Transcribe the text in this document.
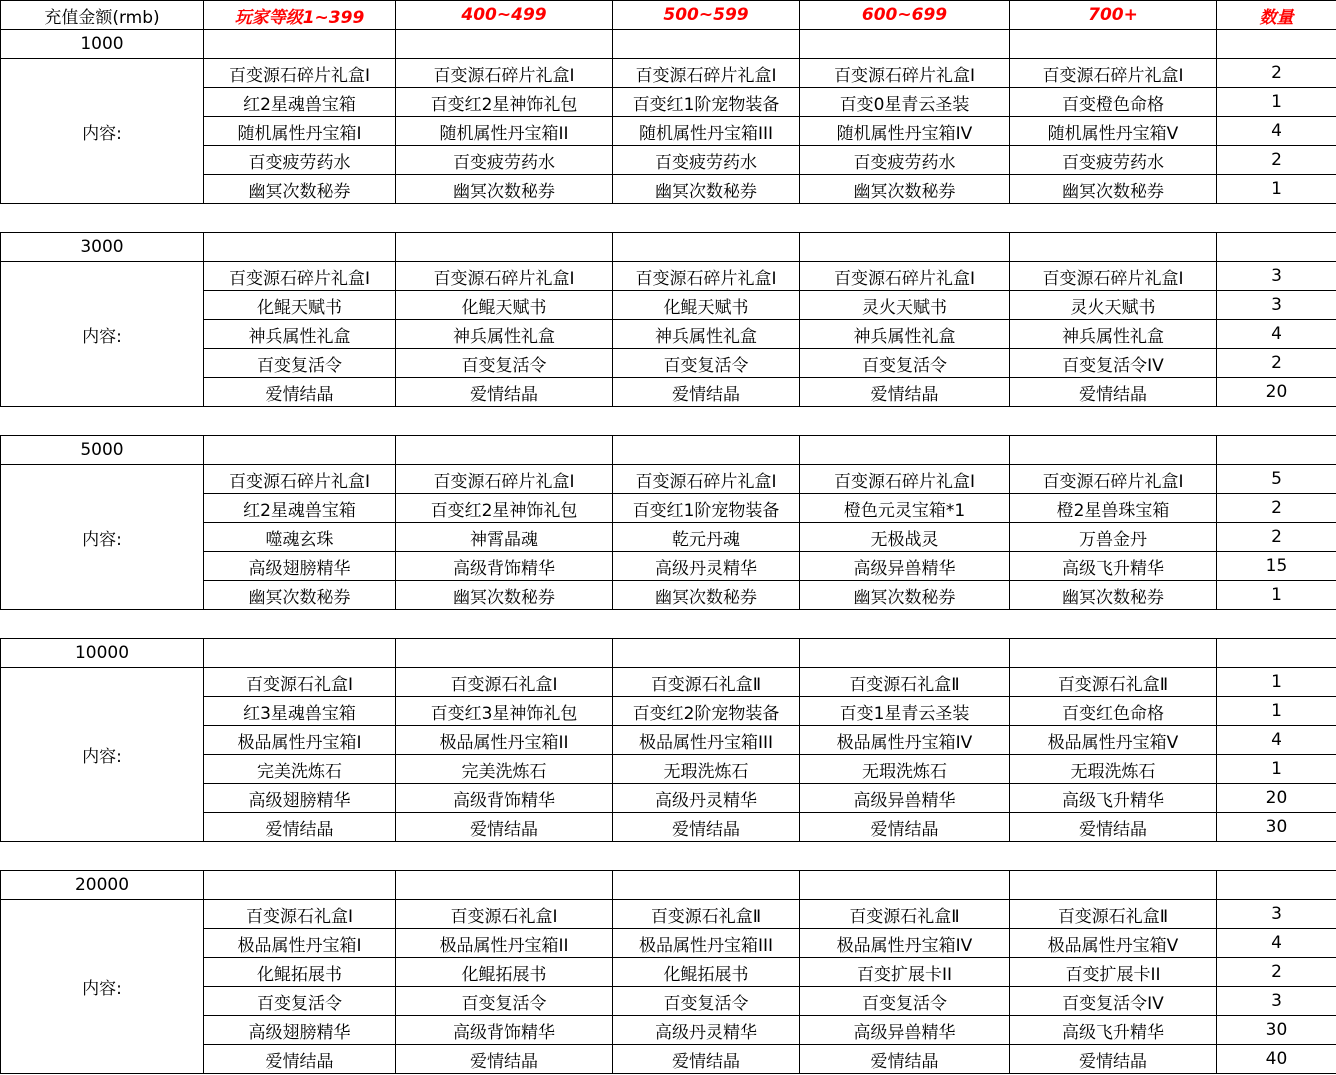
充值金额(rmb)	玩家等级1~399	400~499	500~599	600~699	700+	数量
1000						
内容:	百变源石碎片礼盒Ⅰ	百变源石碎片礼盒Ⅰ	百变源石碎片礼盒Ⅰ	百变源石碎片礼盒Ⅰ	百变源石碎片礼盒Ⅰ	2
	红2星魂兽宝箱	百变红2星神饰礼包	百变红1阶宠物装备	百变0星青云圣装	百变橙色命格	1
	随机属性丹宝箱I	随机属性丹宝箱II	随机属性丹宝箱III	随机属性丹宝箱IV	随机属性丹宝箱V	4
	百变疲劳药水	百变疲劳药水	百变疲劳药水	百变疲劳药水	百变疲劳药水	2
	幽冥次数秘券	幽冥次数秘券	幽冥次数秘券	幽冥次数秘券	幽冥次数秘券	1

3000						
内容:	百变源石碎片礼盒Ⅰ	百变源石碎片礼盒Ⅰ	百变源石碎片礼盒Ⅰ	百变源石碎片礼盒Ⅰ	百变源石碎片礼盒Ⅰ	3
	化鲲天赋书	化鲲天赋书	化鲲天赋书	灵火天赋书	灵火天赋书	3
	神兵属性礼盒	神兵属性礼盒	神兵属性礼盒	神兵属性礼盒	神兵属性礼盒	4
	百变复活令	百变复活令	百变复活令	百变复活令	百变复活令IV	2
	爱情结晶	爱情结晶	爱情结晶	爱情结晶	爱情结晶	20

5000						
内容:	百变源石碎片礼盒Ⅰ	百变源石碎片礼盒Ⅰ	百变源石碎片礼盒Ⅰ	百变源石碎片礼盒Ⅰ	百变源石碎片礼盒Ⅰ	5
	红2星魂兽宝箱	百变红2星神饰礼包	百变红1阶宠物装备	橙色元灵宝箱*1	橙2星兽珠宝箱	2
	噬魂玄珠	神霄晶魂	乾元丹魂	无极战灵	万兽金丹	2
	高级翅膀精华	高级背饰精华	高级丹灵精华	高级异兽精华	高级飞升精华	15
	幽冥次数秘券	幽冥次数秘券	幽冥次数秘券	幽冥次数秘券	幽冥次数秘券	1

10000						
内容:	百变源石礼盒Ⅰ	百变源石礼盒Ⅰ	百变源石礼盒Ⅱ	百变源石礼盒Ⅱ	百变源石礼盒Ⅱ	1
	红3星魂兽宝箱	百变红3星神饰礼包	百变红2阶宠物装备	百变1星青云圣装	百变红色命格	1
	极品属性丹宝箱I	极品属性丹宝箱II	极品属性丹宝箱III	极品属性丹宝箱IV	极品属性丹宝箱V	4
	完美洗炼石	完美洗炼石	无瑕洗炼石	无瑕洗炼石	无瑕洗炼石	1
	高级翅膀精华	高级背饰精华	高级丹灵精华	高级异兽精华	高级飞升精华	20
	爱情结晶	爱情结晶	爱情结晶	爱情结晶	爱情结晶	30

20000						
内容:	百变源石礼盒Ⅰ	百变源石礼盒Ⅰ	百变源石礼盒Ⅱ	百变源石礼盒Ⅱ	百变源石礼盒Ⅱ	3
	极品属性丹宝箱I	极品属性丹宝箱II	极品属性丹宝箱III	极品属性丹宝箱IV	极品属性丹宝箱V	4
	化鲲拓展书	化鲲拓展书	化鲲拓展书	百变扩展卡II	百变扩展卡II	2
	百变复活令	百变复活令	百变复活令	百变复活令	百变复活令IV	3
	高级翅膀精华	高级背饰精华	高级丹灵精华	高级异兽精华	高级飞升精华	30
	爱情结晶	爱情结晶	爱情结晶	爱情结晶	爱情结晶	40
